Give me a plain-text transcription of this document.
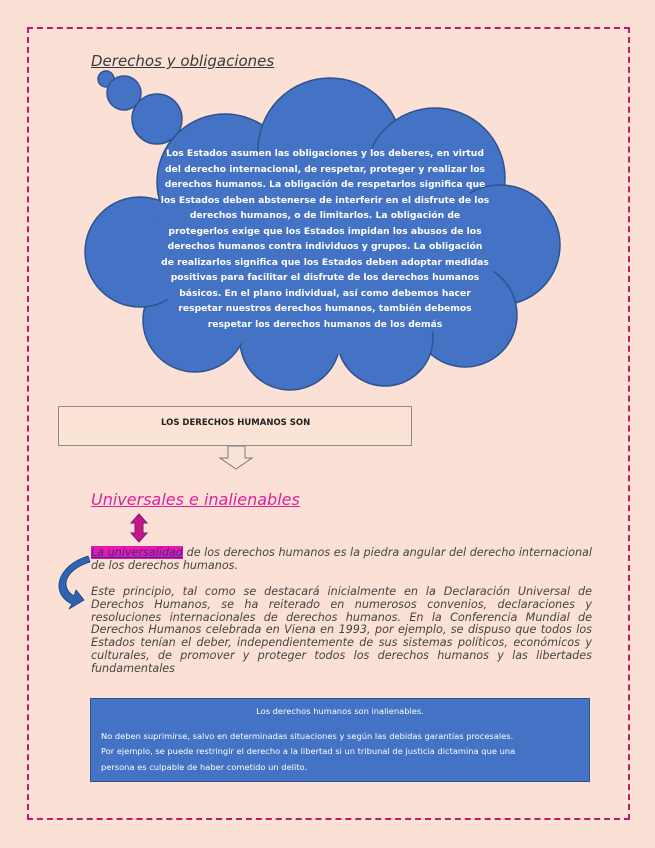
Derechos y obligaciones
Los Estados asumen las obligaciones y los deberes, en virtud del derecho internacional, de respetar, proteger y realizar los derechos humanos. La obligación de respetarlos significa que los Estados deben abstenerse de interferir en el disfrute de los derechos humanos, o de limitarlos. La obligación de protegerlos exige que los Estados impidan los abusos de los derechos humanos contra individuos y grupos. La obligación de realizarlos significa que los Estados deben adoptar medidas positivas para facilitar el disfrute de los derechos humanos básicos. En el plano individual, así como debemos hacer respetar nuestros derechos humanos, también debemos respetar los derechos humanos de los demás
LOS DERECHOS HUMANOS SON
Universales e inalienables
La universalidad de los derechos humanos es la piedra angular del derecho internacional de los derechos humanos.
Este principio, tal como se destacará inicialmente en la Declaración Universal de Derechos Humanos, se ha reiterado en numerosos convenios, declaraciones y resoluciones internacionales de derechos humanos. En la Conferencia Mundial de Derechos Humanos celebrada en Viena en 1993, por ejemplo, se dispuso que todos los Estados tenían el deber, independientemente de sus sistemas políticos, económicos y culturales, de promover y proteger todos los derechos humanos y las libertades fundamentales
Los derechos humanos son inalienables.
No deben suprimirse, salvo en determinadas situaciones y según las debidas garantías procesales.
Por ejemplo, se puede restringir el derecho a la libertad si un tribunal de justicia dictamina que una
persona es culpable de haber cometido un delito.
